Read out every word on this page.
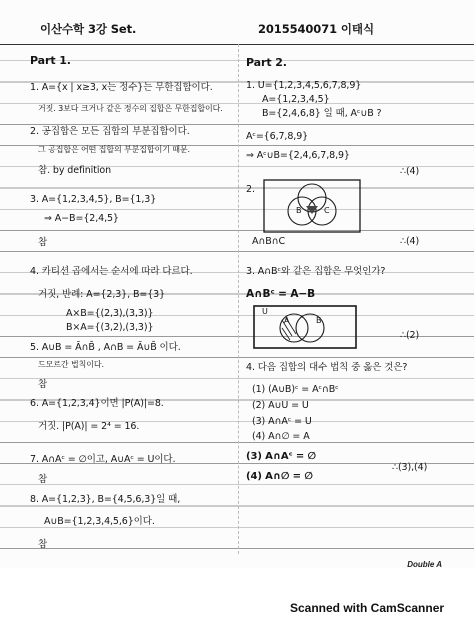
이산수학 3강 Set.	2015540071 이태식
Part 1.
1. A={x | x≥3, x는 정수}는 무한집합이다.
거짓. 3보다 크거나 같은 정수의 집합은 무한집합이다.
2. 공집합은 모든 집합의 부분집합이다.
그 공집합은 어떤 집합의 부분집합이기 때문.
참. by definition
3. A={1,2,3,4,5}, B={1,3}
⇒ A−B={2,4,5}
참
4. 카티션 곱에서는 순서에 따라 다르다.
거짓, 반례: A={2,3}, B={3}
A×B={(2,3),(3,3)}
B×A={(3,2),(3,3)}
5. A∪B = Ā∩B̄ , A∩B = Ā∪B̄ 이다.
드모르간 법칙이다.
참
6. A={1,2,3,4}이면 |P(A)|=8.
거짓. |P(A)| = 2⁴ = 16.
7. A∩Aᶜ = ∅이고, A∪Aᶜ = U이다.
참
8. A={1,2,3}, B={4,5,6,3}일 때,
A∪B={1,2,3,4,5,6}이다.
참
Part 2.
1. U={1,2,3,4,5,6,7,8,9}
A={1,2,3,4,5}
B={2,4,6,8} 일 때, Aᶜ∪B ?
Aᶜ={6,7,8,9}
⇒ Aᶜ∪B={2,4,6,7,8,9}
∴(4)
2.
B	C
A∩B∩C	∴(4)
3. A∩Bᶜ와 같은 집합은 무엇인가?
A∩Bᶜ = A−B
U
A	B
∴(2)
4. 다음 집합의 대수 법칙 중 옳은 것은?
(1) (A∪B)ᶜ = Aᶜ∩Bᶜ
(2) A∪U = U
(3) A∩Aᶜ = U
(4) A∩∅ = A
(3) A∩Aᶜ = ∅
(4) A∩∅ = ∅
∴(3),(4)
Double A
Scanned with CamScanner
